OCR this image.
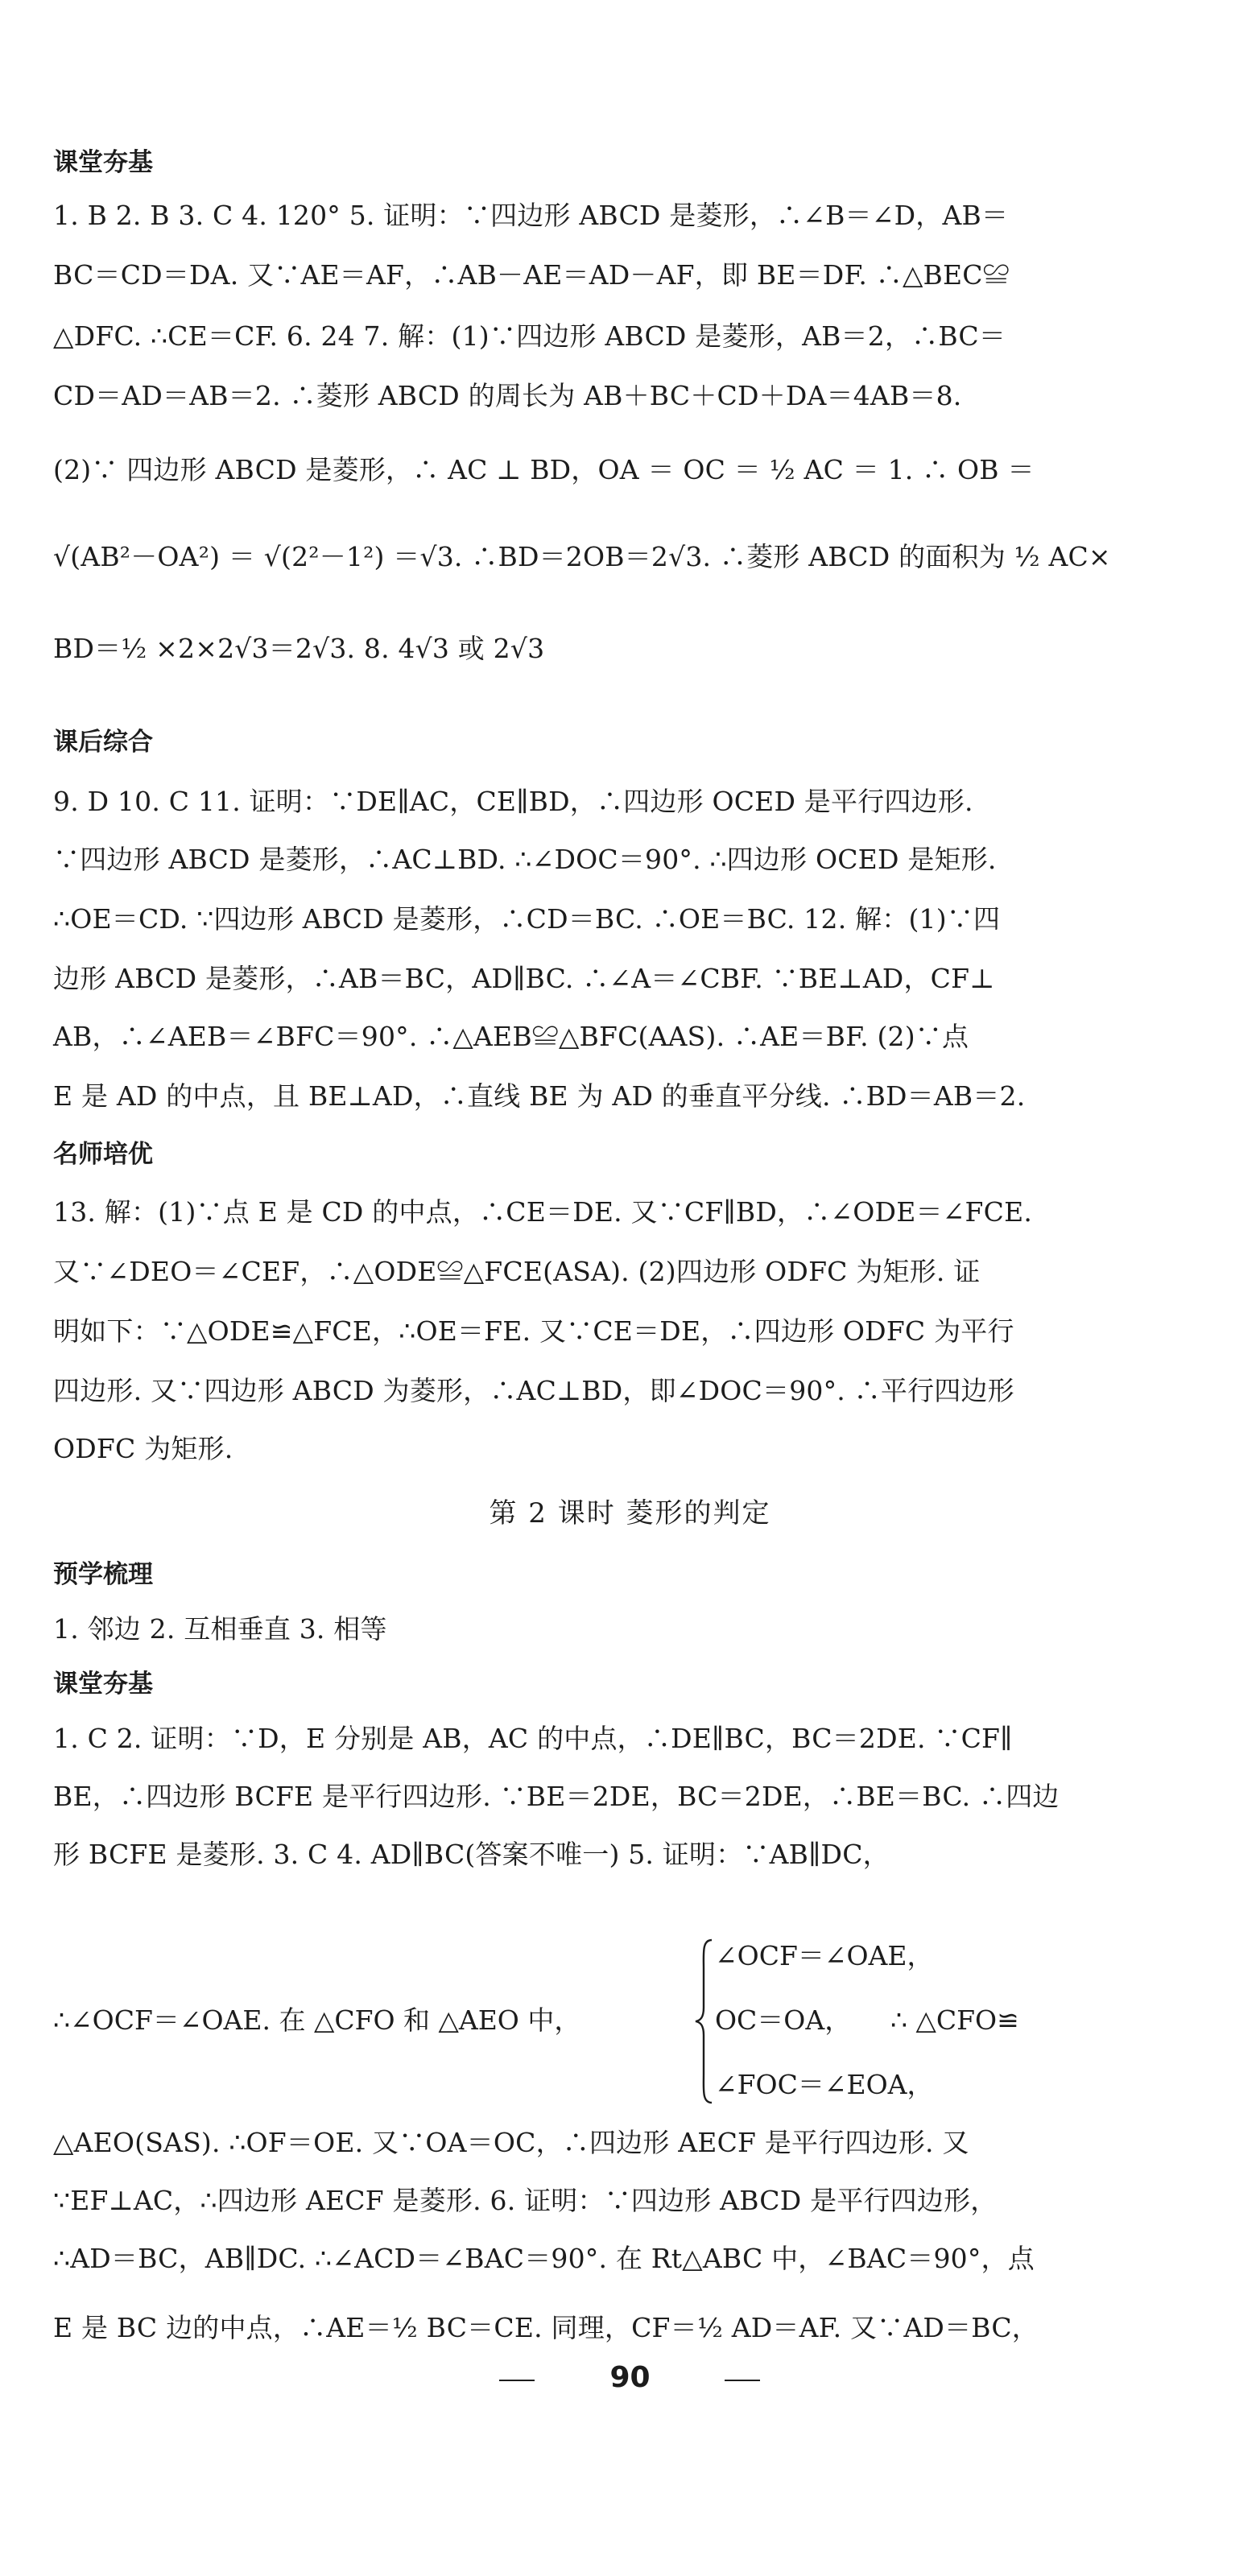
课堂夯基
1. B 2. B 3. C 4. 120° 5. 证明：∵四边形 ABCD 是菱形，∴∠B＝∠D，AB＝
BC＝CD＝DA. 又∵AE＝AF，∴AB－AE＝AD－AF，即 BE＝DF. ∴△BEC≌
△DFC. ∴CE＝CF. 6. 24 7. 解：(1)∵四边形 ABCD 是菱形，AB＝2，∴BC＝
CD＝AD＝AB＝2. ∴菱形 ABCD 的周长为 AB＋BC＋CD＋DA＝4AB＝8.
(2)∵ 四边形 ABCD 是菱形，∴ AC ⊥ BD，OA ＝ OC ＝ ½ AC ＝ 1. ∴ OB ＝
√(AB²－OA²) ＝ √(2²－1²) ＝√3. ∴BD＝2OB＝2√3. ∴菱形 ABCD 的面积为 ½ AC×
BD＝½ ×2×2√3＝2√3. 8. 4√3 或 2√3
课后综合
9. D 10. C 11. 证明：∵DE∥AC，CE∥BD，∴四边形 OCED 是平行四边形.
∵四边形 ABCD 是菱形，∴AC⊥BD. ∴∠DOC＝90°. ∴四边形 OCED 是矩形.
∴OE＝CD. ∵四边形 ABCD 是菱形，∴CD＝BC. ∴OE＝BC. 12. 解：(1)∵四
边形 ABCD 是菱形，∴AB＝BC，AD∥BC. ∴∠A＝∠CBF. ∵BE⊥AD，CF⊥
AB，∴∠AEB＝∠BFC＝90°. ∴△AEB≌△BFC(AAS). ∴AE＝BF. (2)∵点
E 是 AD 的中点，且 BE⊥AD，∴直线 BE 为 AD 的垂直平分线. ∴BD＝AB＝2.
名师培优
13. 解：(1)∵点 E 是 CD 的中点，∴CE＝DE. 又∵CF∥BD，∴∠ODE＝∠FCE.
又∵∠DEO＝∠CEF，∴△ODE≌△FCE(ASA). (2)四边形 ODFC 为矩形. 证
明如下：∵△ODE≌△FCE，∴OE＝FE. 又∵CE＝DE，∴四边形 ODFC 为平行
四边形. 又∵四边形 ABCD 为菱形，∴AC⊥BD，即∠DOC＝90°. ∴平行四边形
ODFC 为矩形.
第 2 课时 菱形的判定
预学梳理
1. 邻边 2. 互相垂直 3. 相等
课堂夯基
1. C 2. 证明：∵D，E 分别是 AB，AC 的中点，∴DE∥BC，BC＝2DE. ∵CF∥
BE，∴四边形 BCFE 是平行四边形. ∵BE＝2DE，BC＝2DE，∴BE＝BC. ∴四边
形 BCFE 是菱形. 3. C 4. AD∥BC(答案不唯一) 5. 证明：∵AB∥DC，
∴∠OCF＝∠OAE. 在 △CFO 和 △AEO 中，
∠OCF＝∠OAE，
OC＝OA，
∠FOC＝∠EOA，
∴ △CFO≌
△AEO(SAS). ∴OF＝OE. 又∵OA＝OC，∴四边形 AECF 是平行四边形. 又
∵EF⊥AC，∴四边形 AECF 是菱形. 6. 证明：∵四边形 ABCD 是平行四边形，
∴AD＝BC，AB∥DC. ∴∠ACD＝∠BAC＝90°. 在 Rt△ABC 中，∠BAC＝90°，点
E 是 BC 边的中点，∴AE＝½ BC＝CE. 同理，CF＝½ AD＝AF. 又∵AD＝BC，
90
